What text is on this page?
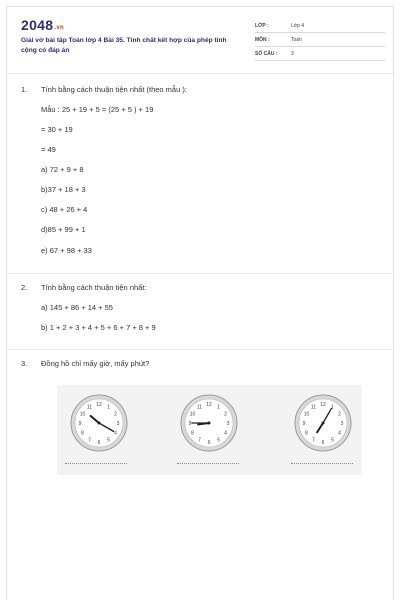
2048.vn
Giải vở bài tập Toán lớp 4 Bài 35. Tính chất kết hợp của phép tính cộng có đáp án
LỚP :	Lớp 4
MÔN :	Toán
SỐ CÂU :	3
1. Tính bằng cách thuận tiện nhất (theo mẫu ):
Mẫu : 25 + 19 + 5 = (25 + 5 ) + 19
= 30 + 19
= 49
a) 72 + 9 + 8
b)37 + 18 + 3
c) 48 + 26 + 4
d)85 + 99 + 1
e) 67 + 98 + 33
2. Tính bằng cách thuận tiện nhất:
a) 145 + 86 + 14 + 55
b) 1 + 2 + 3 + 4 + 5 + 6 + 7 + 8 + 9
3. Đồng hồ chỉ mấy giờ, mấy phút?
1
2
3
4
5
6
7
8
9
10
11 12	1
2
3
4
5
6
7
8
9
10
11 12	1
2
3
4
5
6
7
8
9
10
11 12
